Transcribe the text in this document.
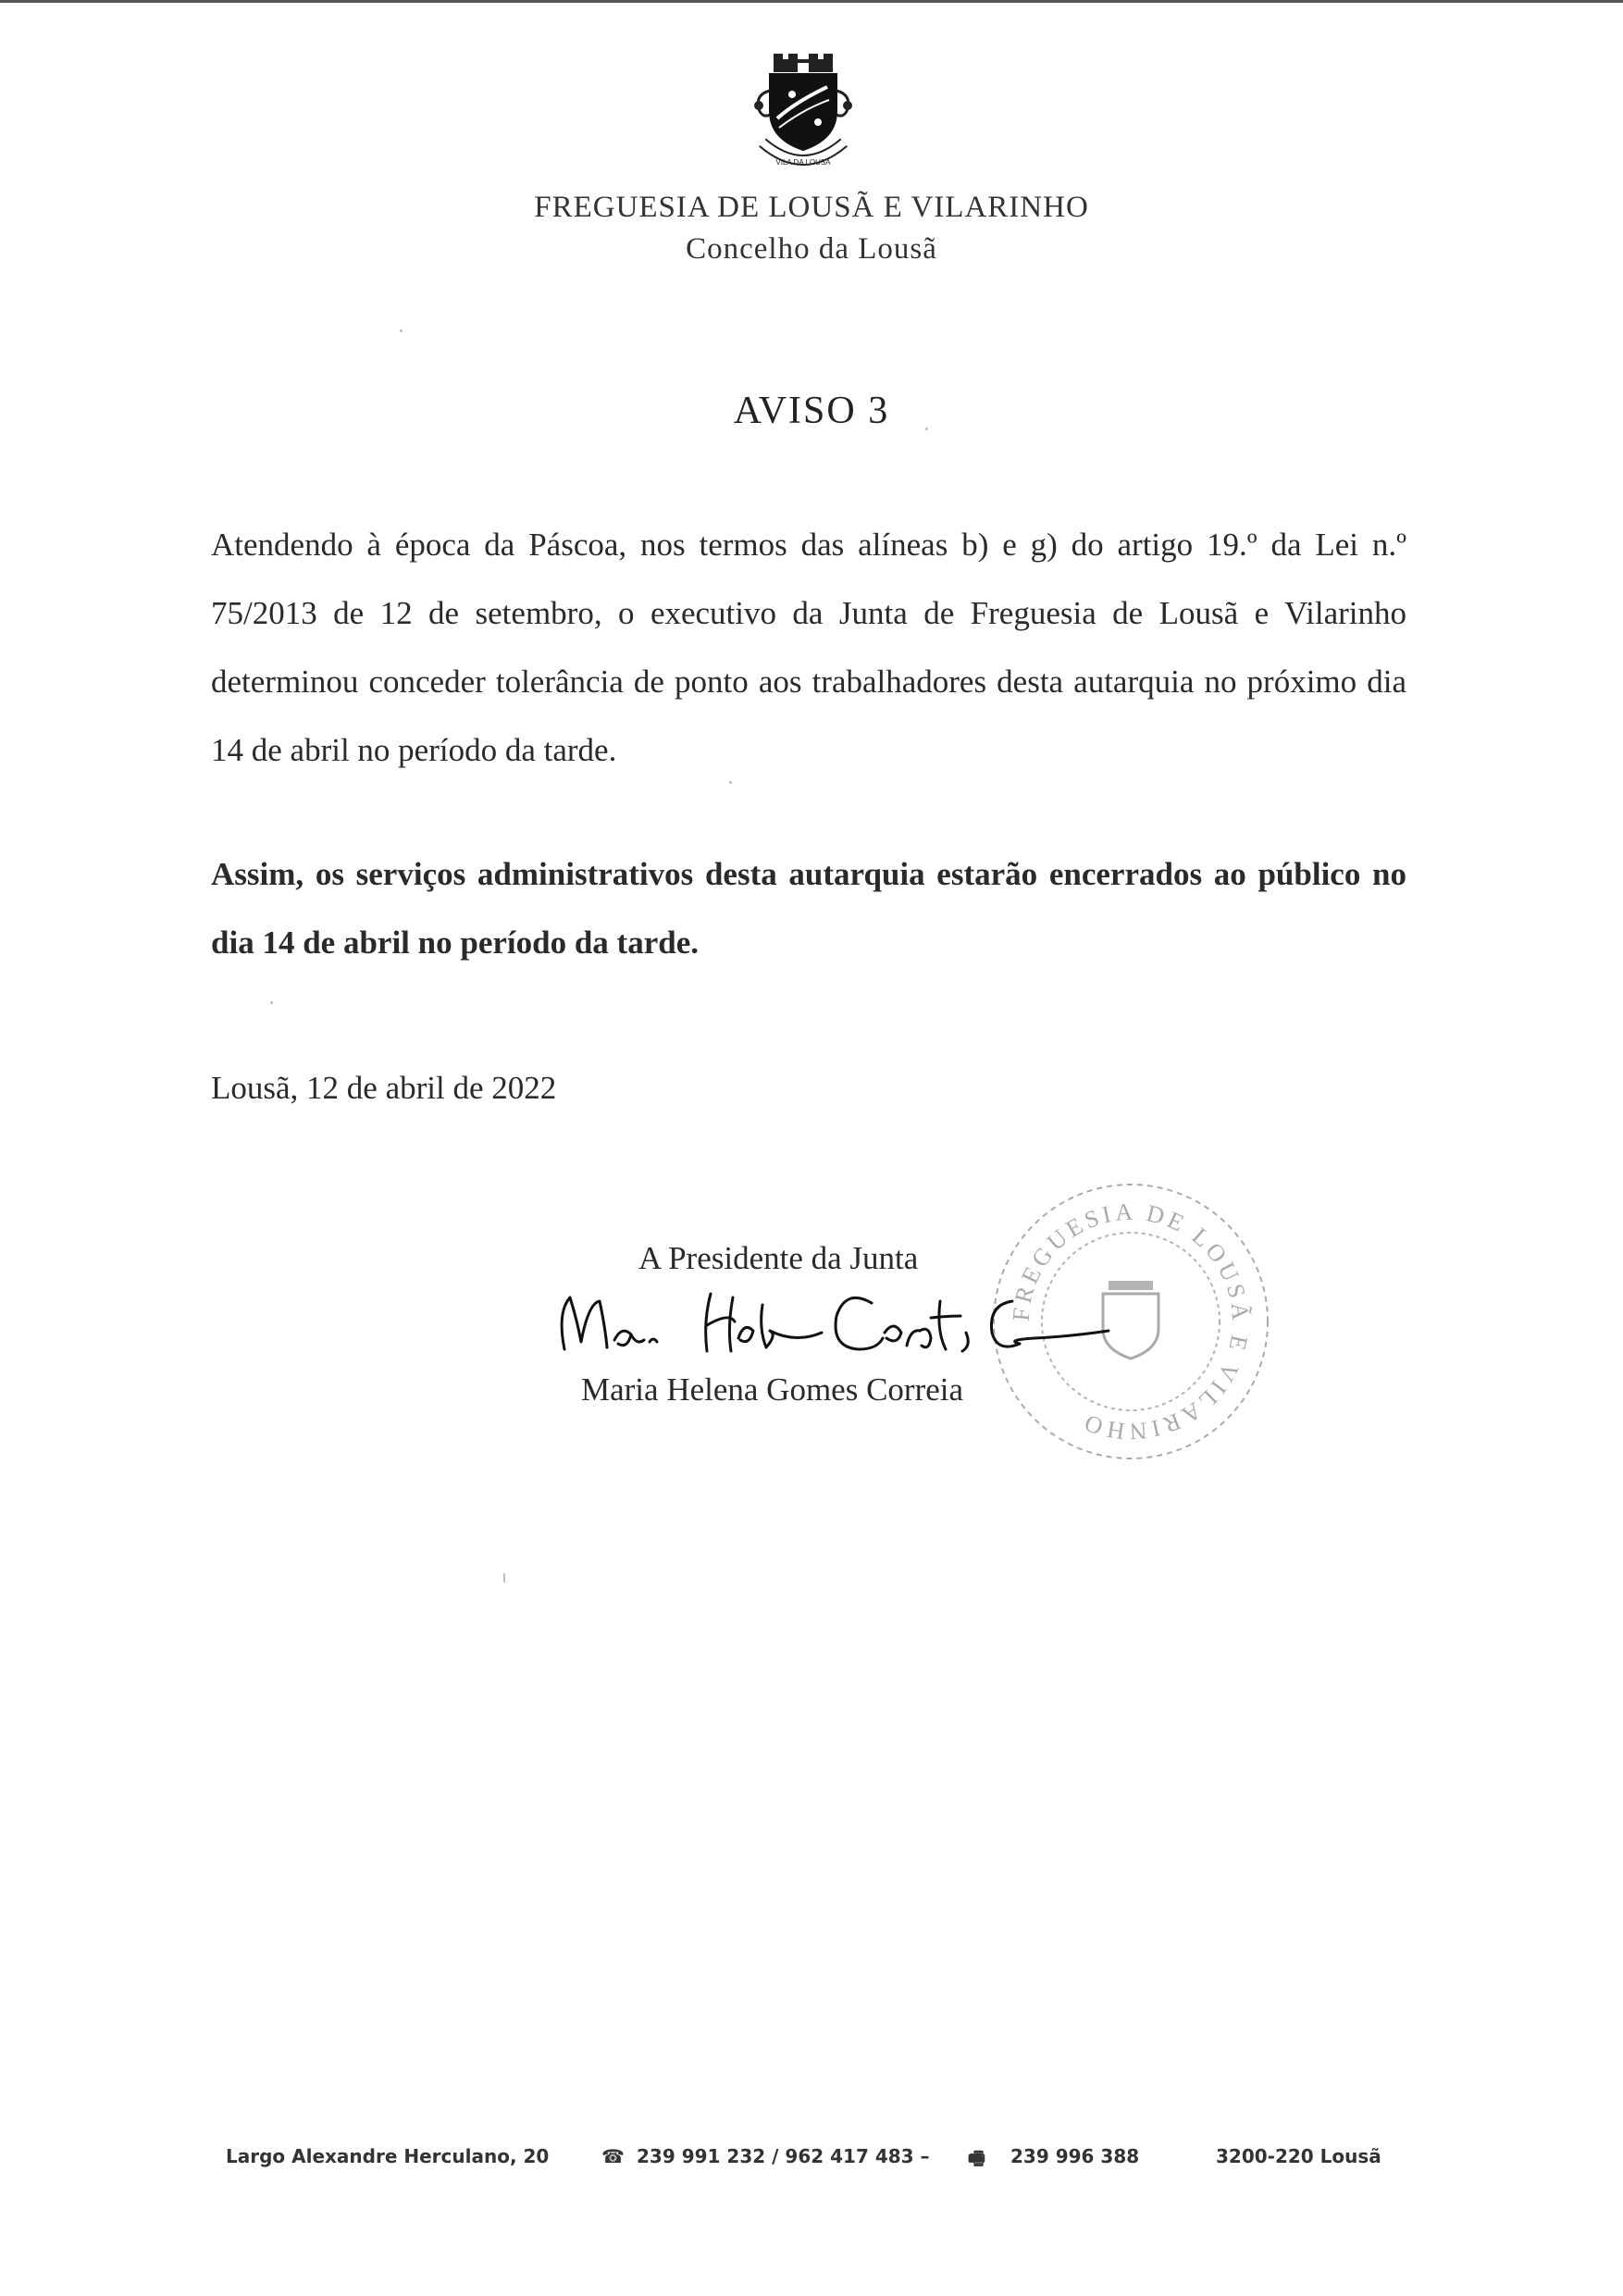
VILA DA LOUSÃ
FREGUESIA DE LOUSÃ E VILARINHO
Concelho da Lousã
AVISO 3
Atendendo à época da Páscoa, nos termos das alíneas b) e g) do artigo 19.º da Lei n.º 75/2013 de 12 de setembro, o executivo da Junta de Freguesia de Lousã e Vilarinho determinou conceder tolerância de ponto aos trabalhadores desta autarquia no próximo dia 14 de abril no período da tarde.
Assim, os serviços administrativos desta autarquia estarão encerrados ao público no dia 14 de abril no período da tarde.
Lousã, 12 de abril de 2022
FREGUESIA DE LOUSÃ E VILARINHO
A Presidente da Junta
Maria Helena Gomes Correia
Largo Alexandre Herculano, 20	☎ 239 991 232 / 962 417 483 – 🖷 239 996 388	3200-220 Lousã
